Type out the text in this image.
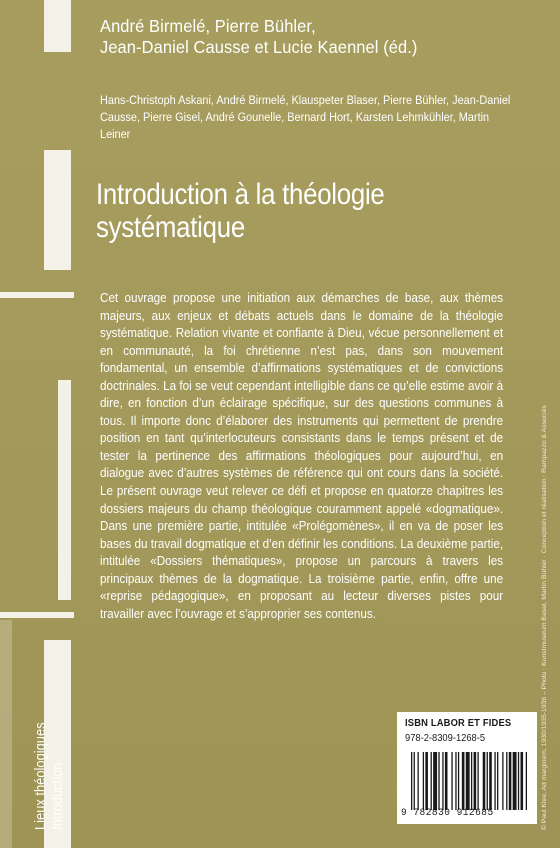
André Birmelé, Pierre Bühler,
Jean-Daniel Causse et Lucie Kaennel (éd.)
Hans-Christoph Askani, André Birmelé, Klauspeter Blaser, Pierre Bühler, Jean-Daniel Causse, Pierre Gisel, André Gounelle, Bernard Hort, Karsten Lehmkühler, Martin Leiner
Introduction à la théologie
systématique

Cet ouvrage propose une initiation aux démarches de base, aux thèmes majeurs, aux enjeux et débats actuels dans le domaine de la théologie systématique. Relation vivante et confiante à Dieu, vécue personnellement et en communauté, la foi chrétienne n’est pas, dans son mouvement fondamental, un ensemble d’affirmations systématiques et de convictions doctrinales. La foi se veut cependant intelligible dans ce qu’elle estime avoir à dire, en fonction d’un éclairage spécifique, sur des questions communes à tous. Il importe donc d’élaborer des instruments qui permettent de prendre position en tant qu’interlocuteurs consistants dans le temps présent et de tester la pertinence des affirmations théologiques pour aujourd’hui, en dialogue avec d’autres systèmes de référence qui ont cours dans la société. Le présent ouvrage veut relever ce défi et propose en quatorze chapitres les dossiers majeurs du champ théologique couramment appelé «dogmatique». Dans une première partie, intitulée «Prolégomènes», il en va de poser les bases du travail dogmatique et d’en définir les conditions. La deuxième partie, intitulée «Dossiers thématiques», propose un parcours à travers les principaux thèmes de la dogmatique. La troisième partie, enfin, offre une «reprise pédagogique», en proposant au lecteur diverses pistes pour travailler avec l’ouvrage et s’approprier ses contenus.

Lieux théologiques Introduction
ISBN LABOR ET FIDES
978-2-8309-1268-5
9 782830 912685	© Paul Klee, Ad marginem, 1930/1935-1936 – Photo : Kunstmuseum Basel, Martin Bühler · Conception et réalisation : Rampazzo & Associés
